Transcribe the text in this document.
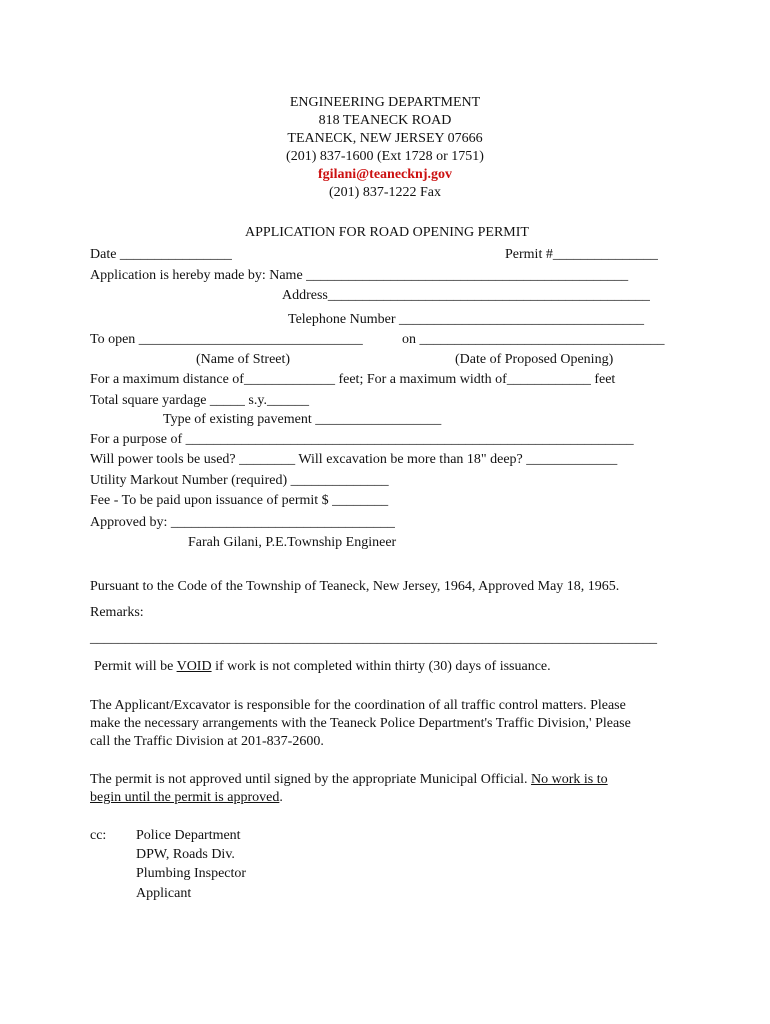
ENGINEERING DEPARTMENT
818 TEANECK ROAD
TEANECK, NEW JERSEY 07666
(201) 837-1600 (Ext 1728 or 1751)
fgilani@teanecknj.gov
(201) 837-1222 Fax
APPLICATION FOR ROAD OPENING PERMIT
Date ________________	Permit #_______________
Application is hereby made by: Name ______________________________________________
Address______________________________________________
Telephone Number ___________________________________
To open ________________________________	on ___________________________________
(Name of Street)	(Date of Proposed Opening)
For a maximum distance of_____________ feet; For a maximum width of____________ feet
Total square yardage _____ s.y.______
Type of existing pavement __________________
For a purpose of ________________________________________________________________
Will power tools be used? ________ Will excavation be more than 18" deep? _____________
Utility Markout Number (required) ______________
Fee - To be paid upon issuance of permit $ ________
Approved by: ________________________________
Farah Gilani, P.E.Township Engineer
Pursuant to the Code of the Township of Teaneck, New Jersey, 1964, Approved May 18, 1965.
Remarks:
_________________________________________________________________________________
Permit will be VOID if work is not completed within thirty (30) days of issuance.
The Applicant/Excavator is responsible for the coordination of all traffic control matters. Please
make the necessary arrangements with the Teaneck Police Department's Traffic Division,' Please
call the Traffic Division at 201-837-2600.
The permit is not approved until signed by the appropriate Municipal Official. No work is to
begin until the permit is approved.
cc: Police Department
DPW, Roads Div.
Plumbing Inspector
Applicant
